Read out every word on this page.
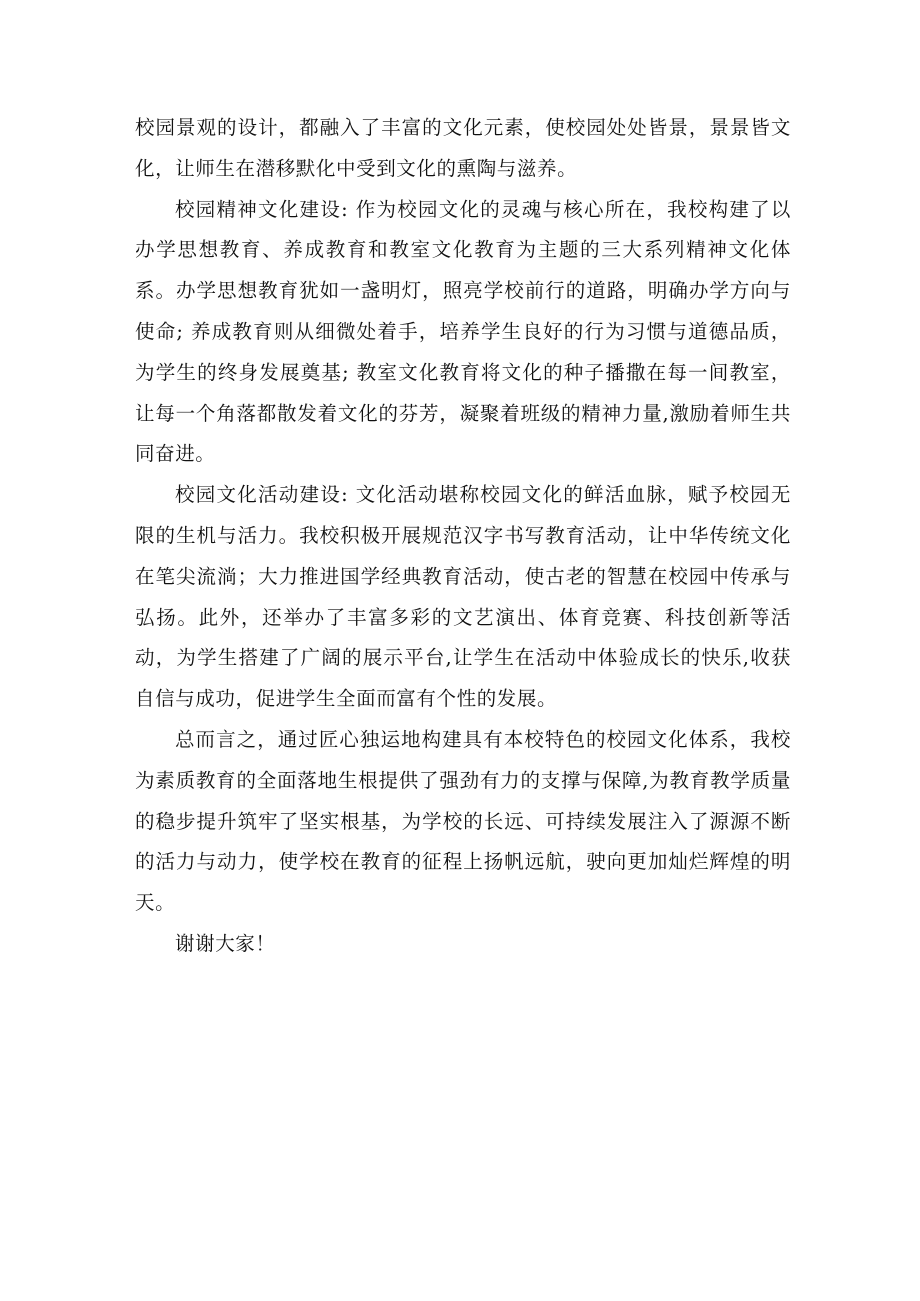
校园景观的设计，都融入了丰富的文化元素，使校园处处皆景，景景皆文化，让师生在潜移默化中受到文化的熏陶与滋养。

校园精神文化建设: 作为校园文化的灵魂与核心所在，我校构建了以办学思想教育、养成教育和教室文化教育为主题的三大系列精神文化体系。办学思想教育犹如一盏明灯，照亮学校前行的道路，明确办学方向与使命; 养成教育则从细微处着手，培养学生良好的行为习惯与道德品质，为学生的终身发展奠基; 教室文化教育将文化的种子播撒在每一间教室，让每一个角落都散发着文化的芬芳，凝聚着班级的精神力量,激励着师生共同奋进。

校园文化活动建设: 文化活动堪称校园文化的鲜活血脉，赋予校园无限的生机与活力。我校积极开展规范汉字书写教育活动，让中华传统文化在笔尖流淌；大力推进国学经典教育活动，使古老的智慧在校园中传承与弘扬。此外，还举办了丰富多彩的文艺演出、体育竞赛、科技创新等活动，为学生搭建了广阔的展示平台,让学生在活动中体验成长的快乐,收获自信与成功，促进学生全面而富有个性的发展。

总而言之，通过匠心独运地构建具有本校特色的校园文化体系，我校为素质教育的全面落地生根提供了强劲有力的支撑与保障,为教育教学质量的稳步提升筑牢了坚实根基，为学校的长远、可持续发展注入了源源不断的活力与动力，使学校在教育的征程上扬帆远航，驶向更加灿烂辉煌的明天。

谢谢大家！
